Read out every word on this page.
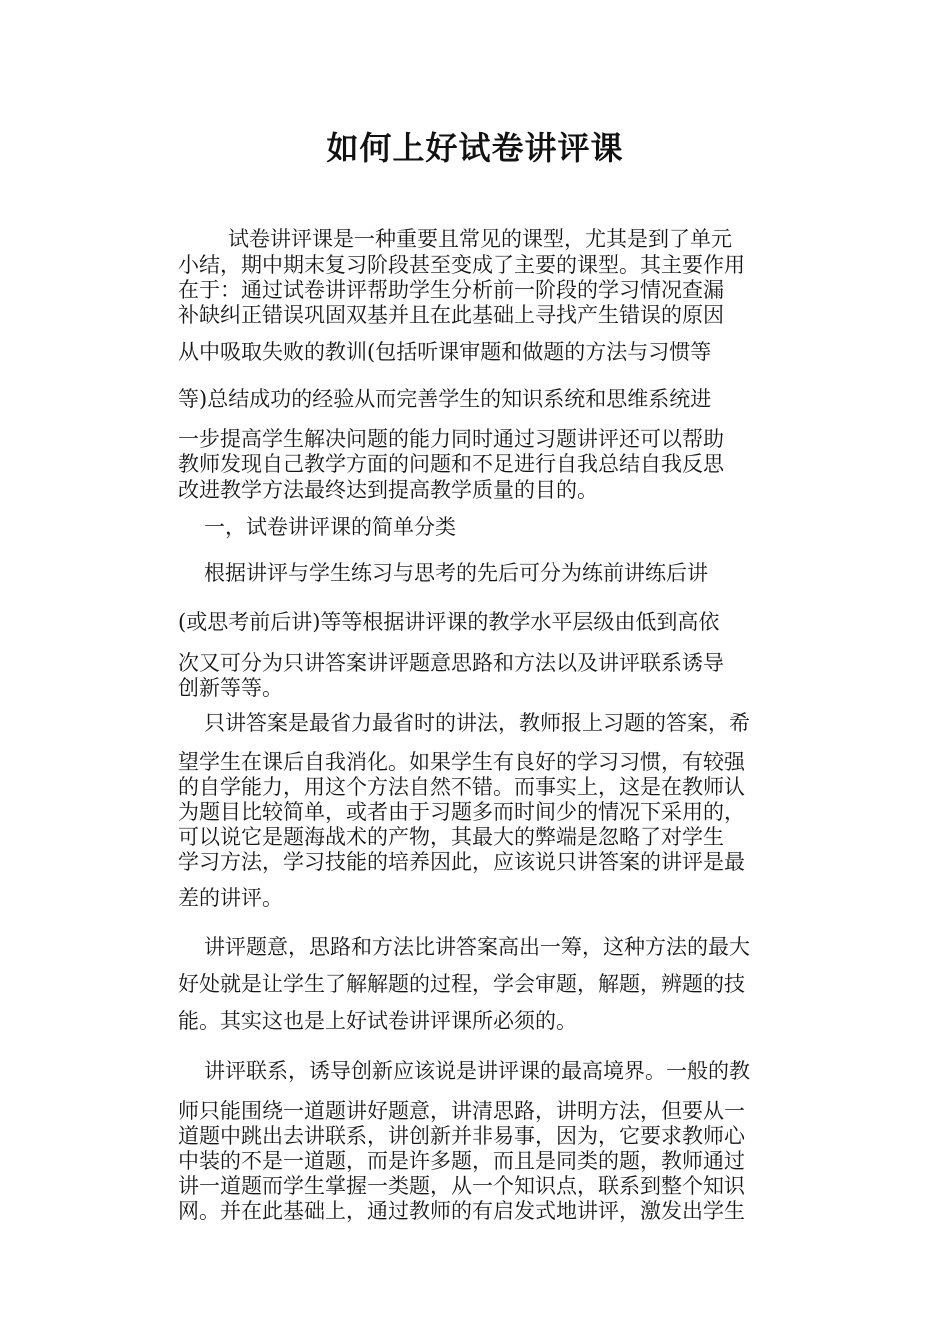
如何上好试卷讲评课
试卷讲评课是一种重要且常见的课型，尤其是到了单元
小结，期中期末复习阶段甚至变成了主要的课型。其主要作用
在于：通过试卷讲评帮助学生分析前一阶段的学习情况查漏
补缺纠正错误巩固双基并且在此基础上寻找产生错误的原因
从中吸取失败的教训(包括听课审题和做题的方法与习惯等
等)总结成功的经验从而完善学生的知识系统和思维系统进
一步提高学生解决问题的能力同时通过习题讲评还可以帮助
教师发现自己教学方面的问题和不足进行自我总结自我反思
改进教学方法最终达到提高教学质量的目的。
一，试卷讲评课的简单分类
根据讲评与学生练习与思考的先后可分为练前讲练后讲
(或思考前后讲)等等根据讲评课的教学水平层级由低到高依
次又可分为只讲答案讲评题意思路和方法以及讲评联系诱导
创新等等。
只讲答案是最省力最省时的讲法，教师报上习题的答案，希
望学生在课后自我消化。如果学生有良好的学习习惯，有较强
的自学能力，用这个方法自然不错。而事实上，这是在教师认
为题目比较简单，或者由于习题多而时间少的情况下采用的，
可以说它是题海战术的产物，其最大的弊端是忽略了对学生
学习方法，学习技能的培养因此，应该说只讲答案的讲评是最
差的讲评。
讲评题意，思路和方法比讲答案高出一筹，这种方法的最大
好处就是让学生了解解题的过程，学会审题，解题，辨题的技
能。其实这也是上好试卷讲评课所必须的。
讲评联系，诱导创新应该说是讲评课的最高境界。一般的教
师只能围绕一道题讲好题意，讲清思路，讲明方法，但要从一
道题中跳出去讲联系，讲创新并非易事，因为，它要求教师心
中装的不是一道题，而是许多题，而且是同类的题，教师通过
讲一道题而学生掌握一类题，从一个知识点，联系到整个知识
网。并在此基础上，通过教师的有启发式地讲评，激发出学生
